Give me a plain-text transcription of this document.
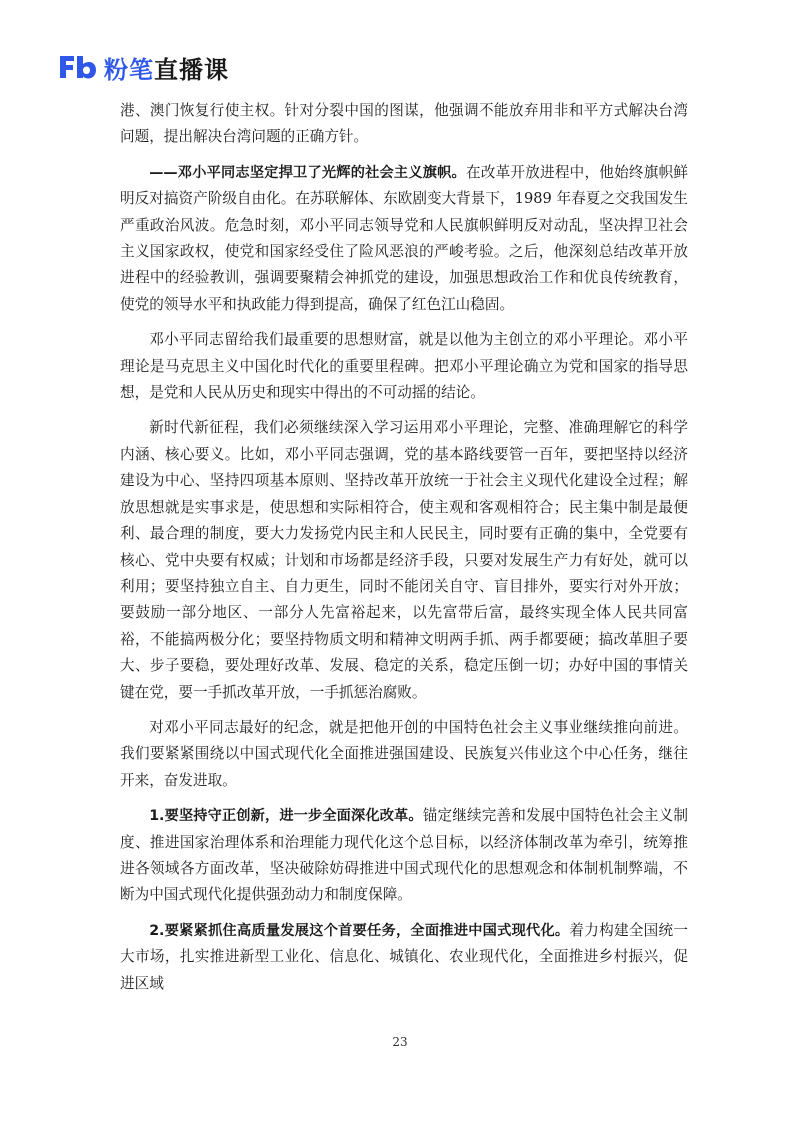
粉笔直播课

港、澳门恢复行使主权。针对分裂中国的图谋，他强调不能放弃用非和平方式解决台湾问题，提出解决台湾问题的正确方针。

——邓小平同志坚定捍卫了光辉的社会主义旗帜。在改革开放进程中，他始终旗帜鲜明反对搞资产阶级自由化。在苏联解体、东欧剧变大背景下，1989 年春夏之交我国发生严重政治风波。危急时刻，邓小平同志领导党和人民旗帜鲜明反对动乱，坚决捍卫社会主义国家政权，使党和国家经受住了险风恶浪的严峻考验。之后，他深刻总结改革开放进程中的经验教训，强调要聚精会神抓党的建设，加强思想政治工作和优良传统教育，使党的领导水平和执政能力得到提高，确保了红色江山稳固。

邓小平同志留给我们最重要的思想财富，就是以他为主创立的邓小平理论。邓小平理论是马克思主义中国化时代化的重要里程碑。把邓小平理论确立为党和国家的指导思想，是党和人民从历史和现实中得出的不可动摇的结论。

新时代新征程，我们必须继续深入学习运用邓小平理论，完整、准确理解它的科学内涵、核心要义。比如，邓小平同志强调，党的基本路线要管一百年，要把坚持以经济建设为中心、坚持四项基本原则、坚持改革开放统一于社会主义现代化建设全过程；解放思想就是实事求是，使思想和实际相符合，使主观和客观相符合；民主集中制是最便利、最合理的制度，要大力发扬党内民主和人民民主，同时要有正确的集中，全党要有核心、党中央要有权威；计划和市场都是经济手段，只要对发展生产力有好处，就可以利用；要坚持独立自主、自力更生，同时不能闭关自守、盲目排外，要实行对外开放；要鼓励一部分地区、一部分人先富裕起来，以先富带后富，最终实现全体人民共同富裕，不能搞两极分化；要坚持物质文明和精神文明两手抓、两手都要硬；搞改革胆子要大、步子要稳，要处理好改革、发展、稳定的关系，稳定压倒一切；办好中国的事情关键在党，要一手抓改革开放，一手抓惩治腐败。

对邓小平同志最好的纪念，就是把他开创的中国特色社会主义事业继续推向前进。我们要紧紧围绕以中国式现代化全面推进强国建设、民族复兴伟业这个中心任务，继往开来，奋发进取。

1.要坚持守正创新，进一步全面深化改革。锚定继续完善和发展中国特色社会主义制度、推进国家治理体系和治理能力现代化这个总目标，以经济体制改革为牵引，统筹推进各领域各方面改革，坚决破除妨碍推进中国式现代化的思想观念和体制机制弊端，不断为中国式现代化提供强劲动力和制度保障。

2.要紧紧抓住高质量发展这个首要任务，全面推进中国式现代化。着力构建全国统一大市场，扎实推进新型工业化、信息化、城镇化、农业现代化，全面推进乡村振兴，促进区域

23
